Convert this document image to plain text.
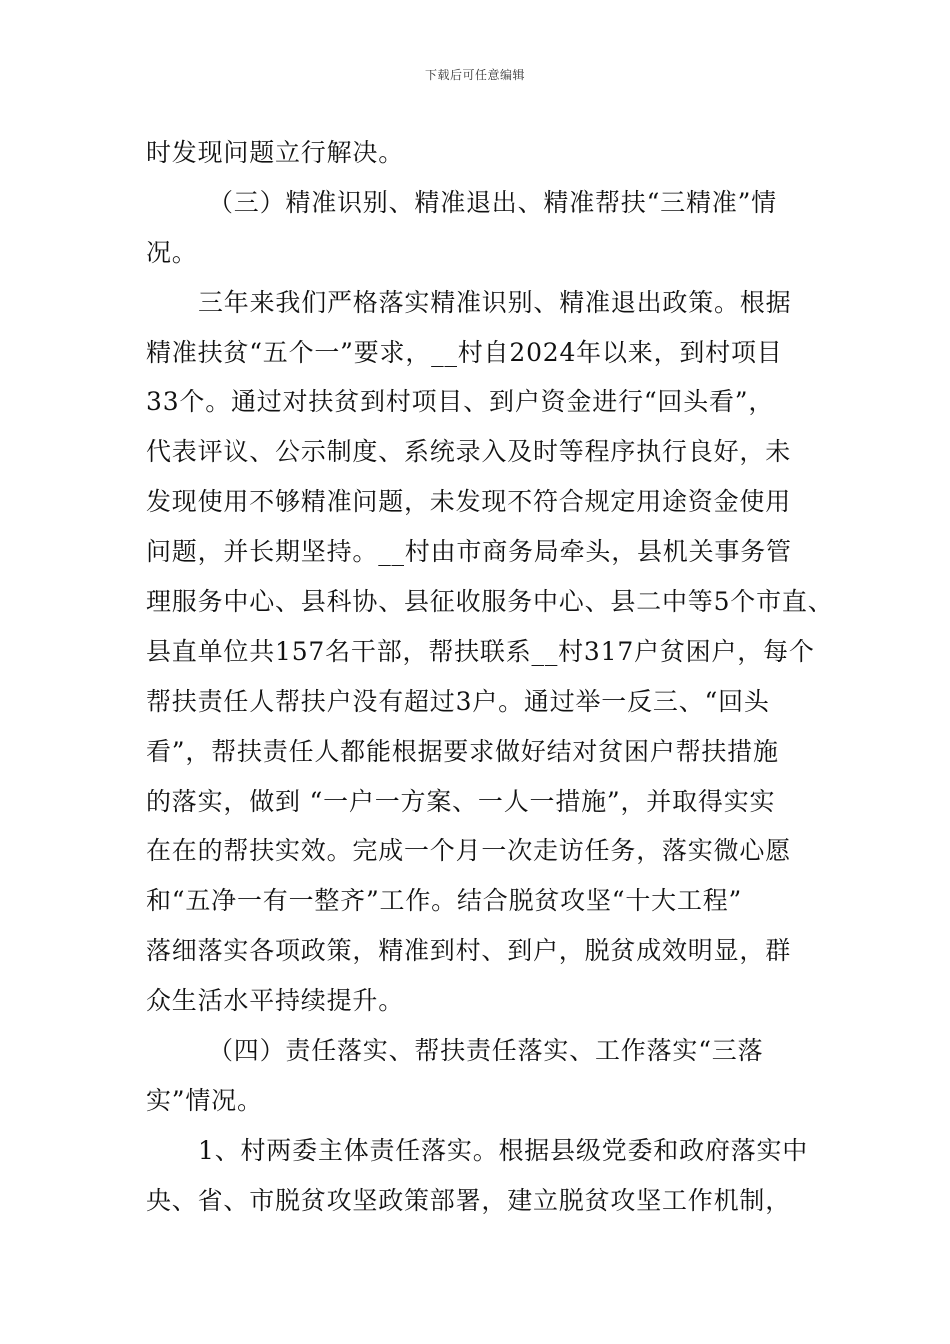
下载后可任意编辑
时发现问题立行解决。
（三）精准识别、精准退出、精准帮扶“三精准”情
况。
三年来我们严格落实精准识别、精准退出政策。根据
精准扶贫“五个一”要求，__村自2024年以来，到村项目
33个。通过对扶贫到村项目、到户资金进行“回头看”，
代表评议、公示制度、系统录入及时等程序执行良好，未
发现使用不够精准问题，未发现不符合规定用途资金使用
问题，并长期坚持。__村由市商务局牵头，县机关事务管
理服务中心、县科协、县征收服务中心、县二中等5个市直、
县直单位共157名干部，帮扶联系__村317户贫困户，每个
帮扶责任人帮扶户没有超过3户。通过举一反三、“回头
看”，帮扶责任人都能根据要求做好结对贫困户帮扶措施
的落实，做到 “一户一方案、一人一措施”，并取得实实
在在的帮扶实效。完成一个月一次走访任务，落实微心愿
和“五净一有一整齐”工作。结合脱贫攻坚“十大工程”
落细落实各项政策，精准到村、到户，脱贫成效明显，群
众生活水平持续提升。
（四）责任落实、帮扶责任落实、工作落实“三落
实”情况。
1、村两委主体责任落实。根据县级党委和政府落实中
央、省、市脱贫攻坚政策部署，建立脱贫攻坚工作机制，
